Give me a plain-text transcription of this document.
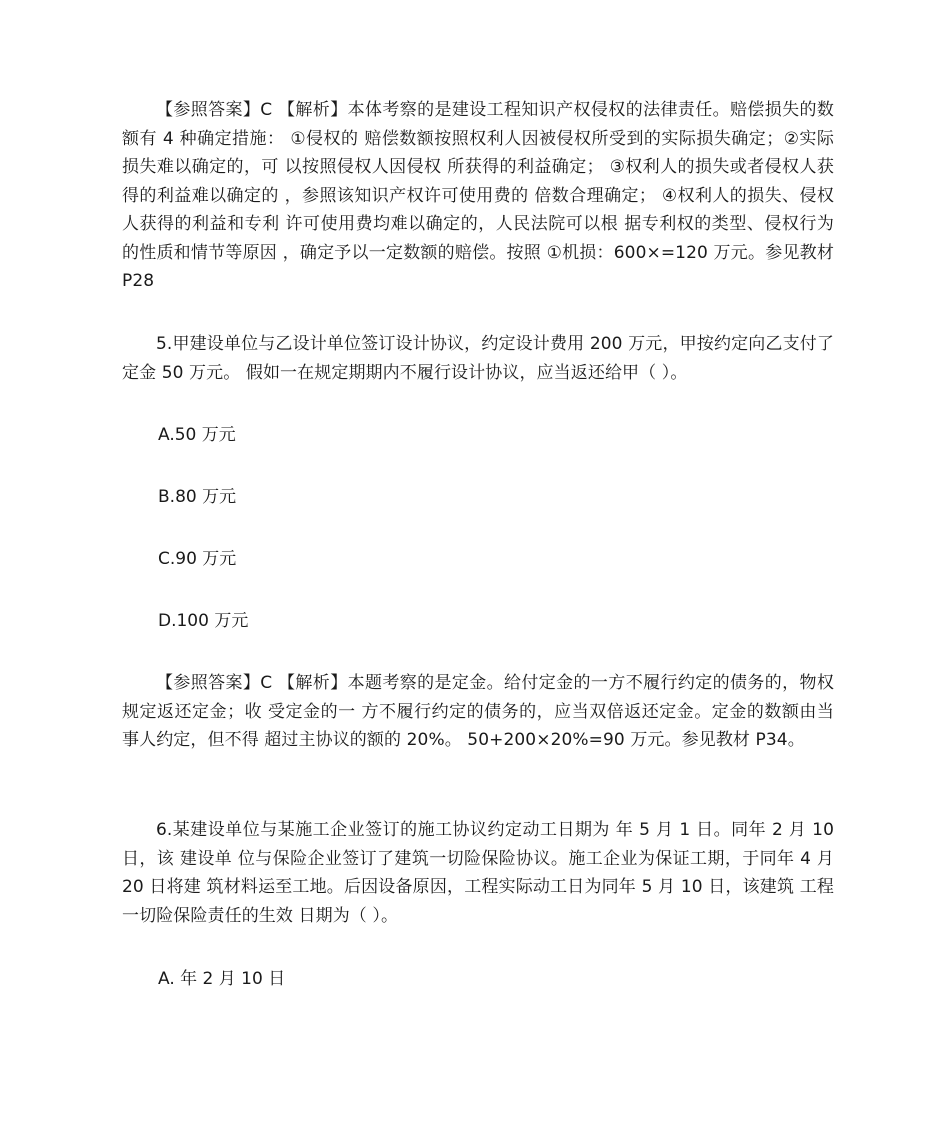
【参照答案】C 【解析】本体考察的是建设工程知识产权侵权的法律责任。赔偿损失的数额有 4 种确定措施： ①侵权的 赔偿数额按照权利人因被侵权所受到的实际损失确定；②实际损失难以确定的，可 以按照侵权人因侵权 所获得的利益确定； ③权利人的损失或者侵权人获得的利益难以确定的 ，参照该知识产权许可使用费的 倍数合理确定； ④权利人的损失、侵权人获得的利益和专利 许可使用费均难以确定的，人民法院可以根 据专利权的类型、侵权行为的性质和情节等原因 ，确定予以一定数额的赔偿。按照 ①机损：600×=120 万元。参见教材 P28

5.甲建设单位与乙设计单位签订设计协议，约定设计费用 200 万元，甲按约定向乙支付了定金 50 万元。 假如一在规定期期内不履行设计协议，应当返还给甲（ ）。

A.50 万元

B.80 万元

C.90 万元

D.100 万元

【参照答案】C 【解析】本题考察的是定金。给付定金的一方不履行约定的债务的，物权规定返还定金；收 受定金的一 方不履行约定的债务的，应当双倍返还定金。定金的数额由当事人约定，但不得 超过主协议的额的 20%。 50+200×20%=90 万元。参见教材 P34。

6.某建设单位与某施工企业签订的施工协议约定动工日期为 年 5 月 1 日。同年 2 月 10 日，该 建设单 位与保险企业签订了建筑一切险保险协议。施工企业为保证工期，于同年 4 月 20 日将建 筑材料运至工地。后因设备原因，工程实际动工日为同年 5 月 10 日，该建筑 工程一切险保险责任的生效 日期为（ ）。

A. 年 2 月 10 日
